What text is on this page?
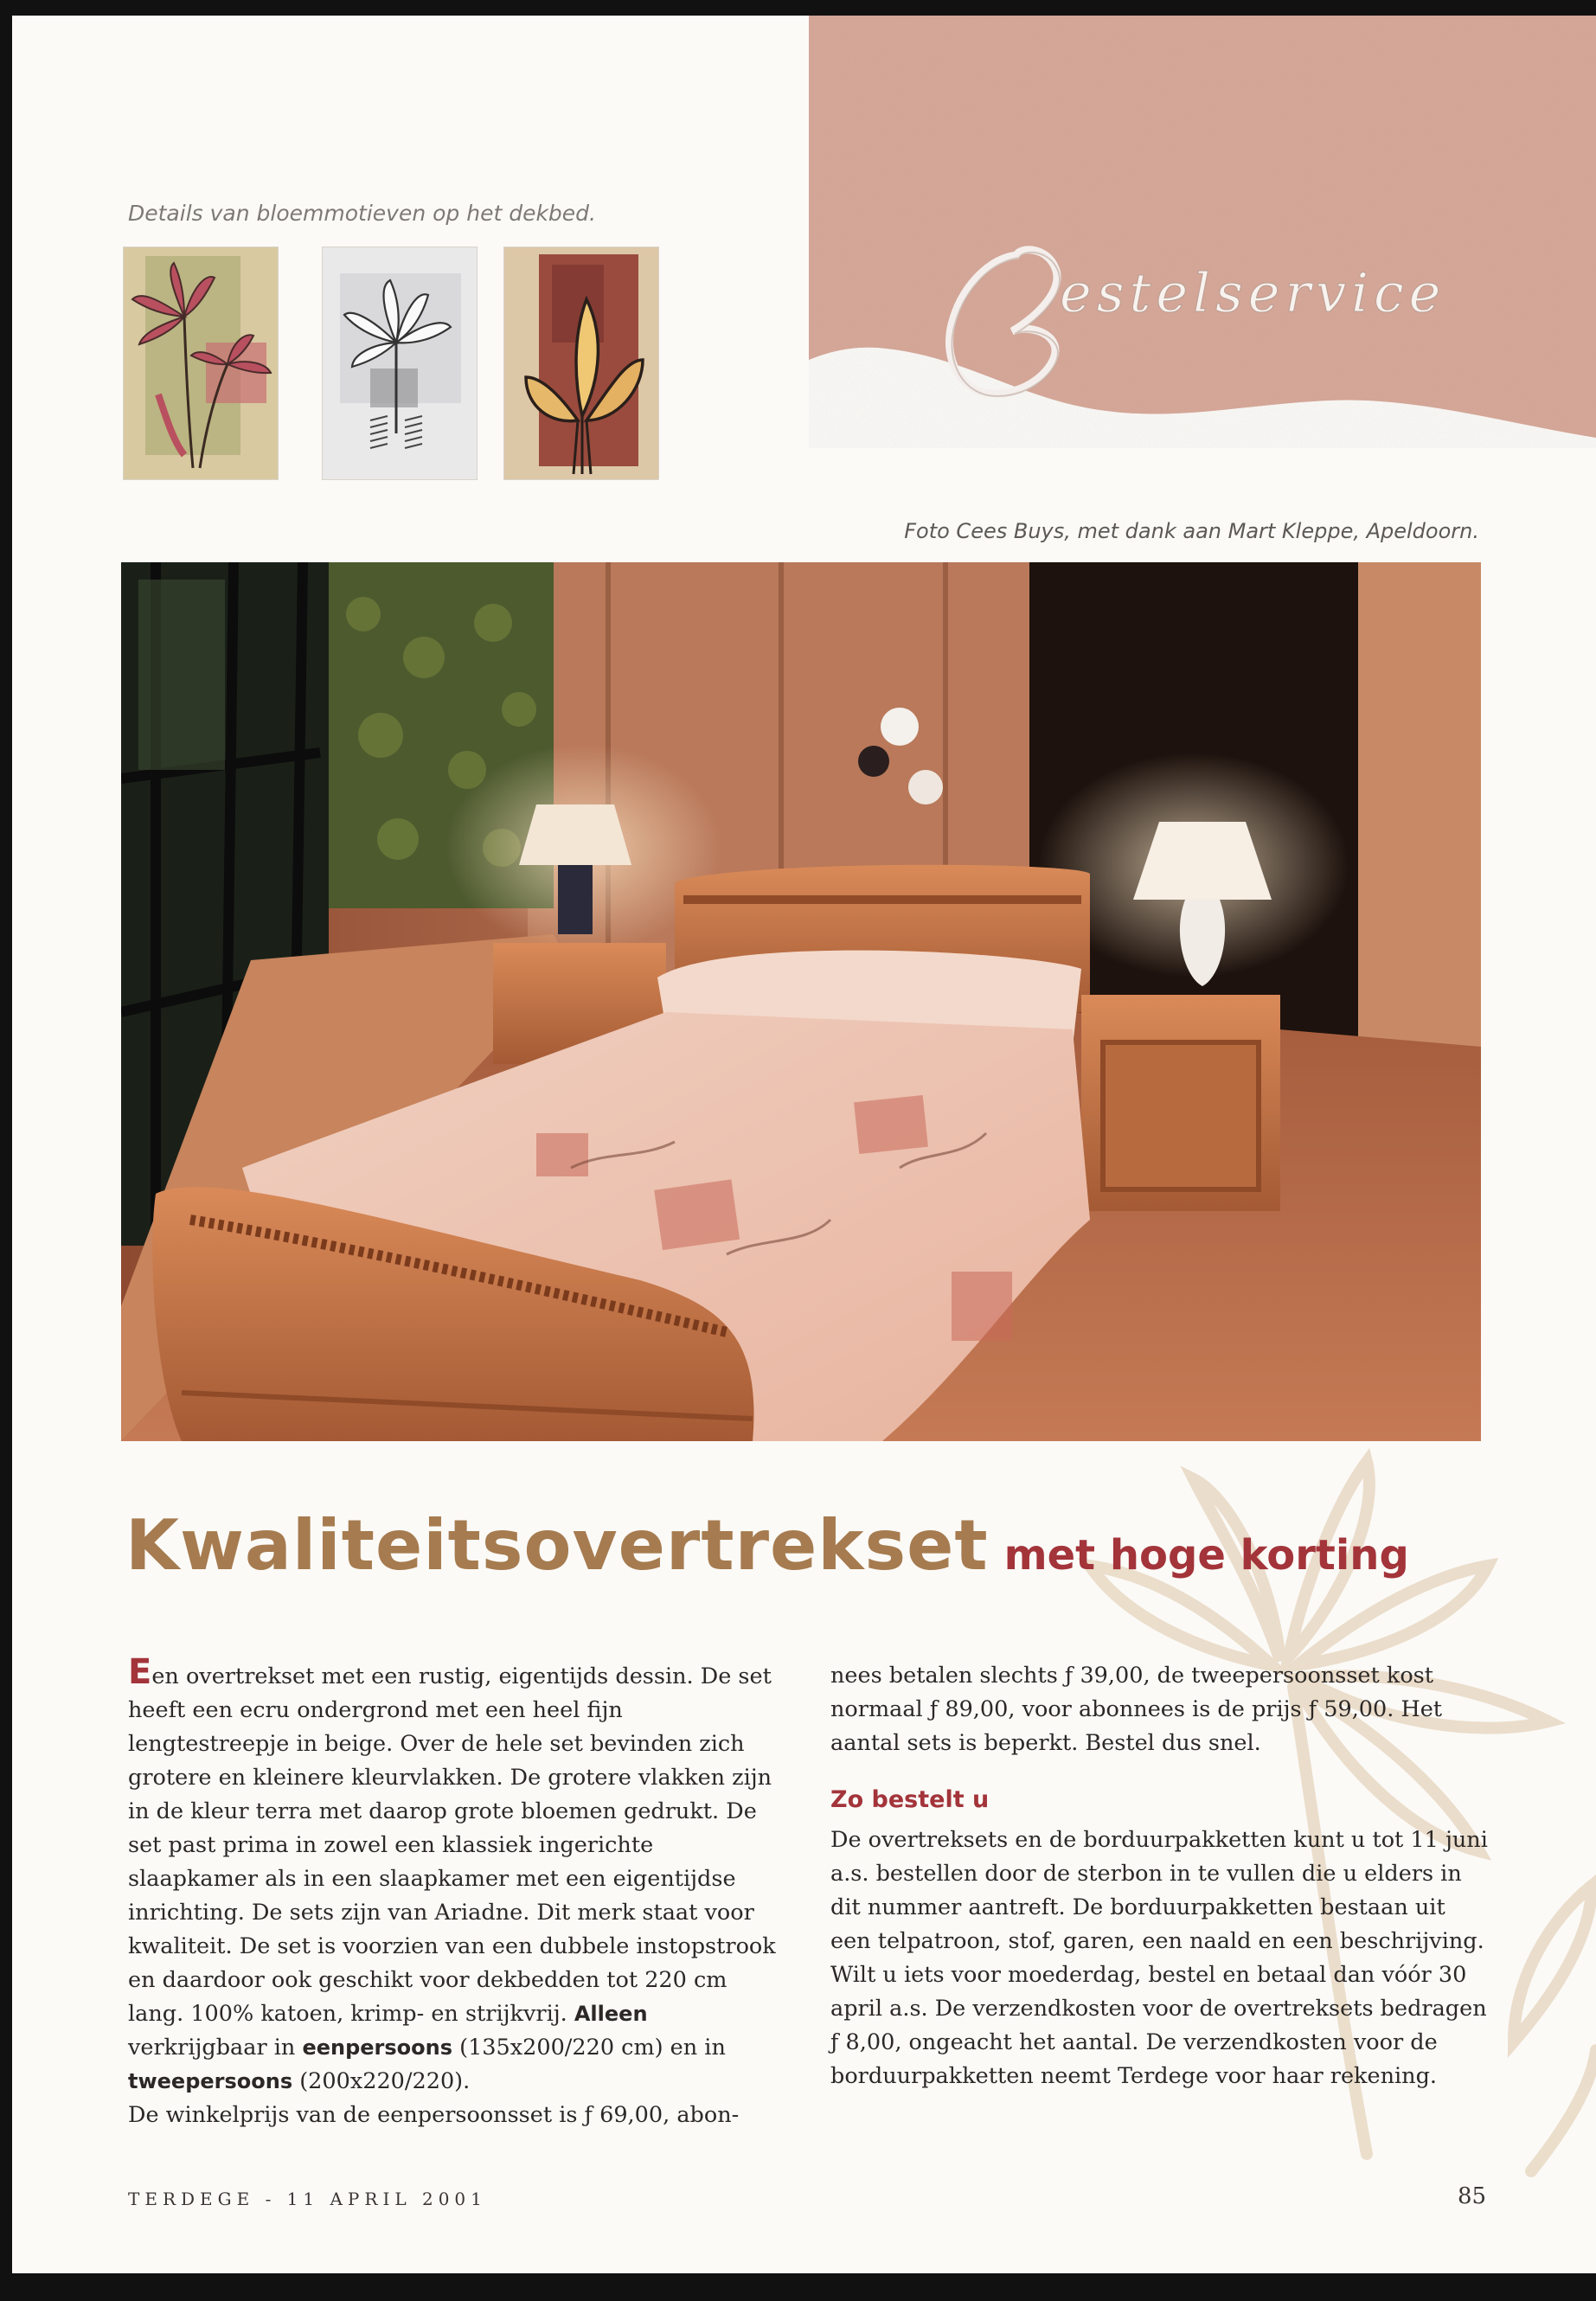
estelservice
Details van bloemmotieven op het dekbed.
Foto Cees Buys, met dank aan Mart Kleppe, Apeldoorn.
Kwaliteitsovertrekset met hoge korting

Een overtrekset met een rustig, eigentijds dessin. De set heeft een ecru ondergrond met een heel fijn lengtestreepje in beige. Over de hele set bevinden zich grotere en kleinere kleurvlakken. De grotere vlakken zijn in de kleur terra met daarop grote bloemen gedrukt. De set past prima in zowel een klassiek ingerichte slaapkamer als in een slaapkamer met een eigentijdse inrichting. De sets zijn van Ariadne. Dit merk staat voor kwaliteit. De set is voorzien van een dubbele instopstrook en daardoor ook geschikt voor dekbedden tot 220 cm lang. 100% katoen, krimp- en strijkvrij. Alleen verkrijgbaar in eenpersoons (135x200/220 cm) en in tweepersoons (200x220/220).

De winkelprijs van de eenpersoonsset is ƒ 69,00, abon-

nees betalen slechts ƒ 39,00, de tweepersoonsset kost normaal ƒ 89,00, voor abonnees is de prijs ƒ 59,00. Het aantal sets is beperkt. Bestel dus snel.

Zo bestelt u

De overtreksets en de borduurpakketten kunt u tot 11 juni a.s. bestellen door de sterbon in te vullen die u elders in dit nummer aantreft. De borduurpakketten bestaan uit een telpatroon, stof, garen, een naald en een beschrijving. Wilt u iets voor moederdag, bestel en betaal dan vóór 30 april a.s. De verzendkosten voor de overtreksets bedragen ƒ 8,00, ongeacht het aantal. De verzendkosten voor de borduurpakketten neemt Terdege voor haar rekening.

TERDEGE - 11 APRIL 2001	85
